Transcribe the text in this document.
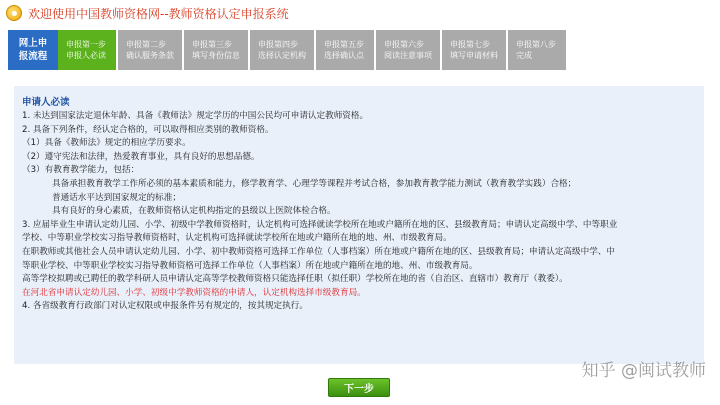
欢迎使用中国教师资格网--教师资格认定申报系统
网上申
报流程
申报第一步
申报人必读
申报第二步
确认服务条款
申报第三步
填写身份信息
申报第四步
选择认定机构
申报第五步
选择确认点
申报第六步
阅读注意事项
申报第七步
填写申请材料
申报第八步
完成
申请人必读
1. 未达到国家法定退休年龄、具备《教师法》规定学历的中国公民均可申请认定教师资格。
2. 具备下列条件，经认定合格的，可以取得相应类别的教师资格。
（1）具备《教师法》规定的相应学历要求。
（2）遵守宪法和法律，热爱教育事业，具有良好的思想品德。
（3）有教育教学能力，包括：
具备承担教育教学工作所必须的基本素质和能力，修学教育学、心理学等课程并考试合格，参加教育教学能力测试（教育教学实践）合格；
普通话水平达到国家规定的标准；
具有良好的身心素质，在教师资格认定机构指定的县级以上医院体检合格。
3. 应届毕业生申请认定幼儿园、小学、初级中学教师资格时，认定机构可选择就读学校所在地或户籍所在地的区、县级教育局；申请认定高级中学、中等职业
学校、中等职业学校实习指导教师资格时，认定机构可选择就读学校所在地或户籍所在地的地、州、市级教育局。
在职教师或其他社会人员申请认定幼儿园、小学、初中教师资格可选择工作单位（人事档案）所在地或户籍所在地的区、县级教育局；申请认定高级中学、中
等职业学校、中等职业学校实习指导教师资格可选择工作单位（人事档案）所在地或户籍所在地的地、州、市级教育局。
高等学校拟聘或已聘任的教学科研人员申请认定高等学校教师资格只能选择任职（拟任职）学校所在地的省（自治区、直辖市）教育厅（教委）。
在河北省申请认定幼儿园、小学、初级中学教师资格的申请人，认定机构选择市级教育局。
4. 各省级教育行政部门对认定权限或申报条件另有规定的，按其规定执行。
下一步
知乎 @闽试教师
